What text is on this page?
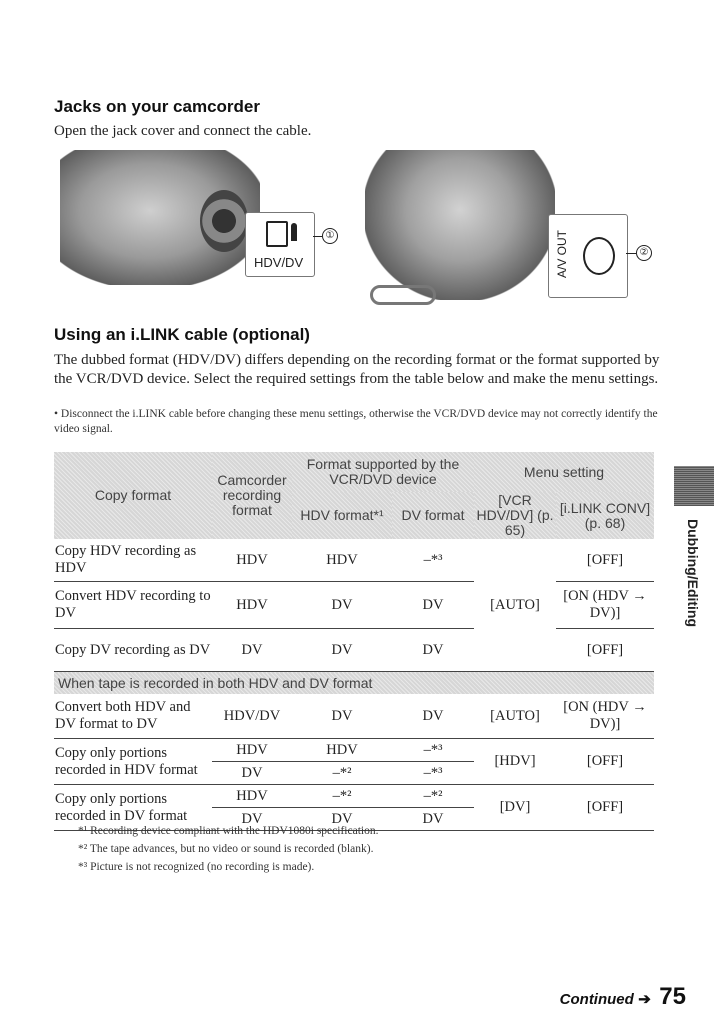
Jacks on your camcorder
Open the jack cover and connect the cable.
HDV/DV
①	A/V OUT	②
Using an i.LINK cable (optional)
The dubbed format (HDV/DV) differs depending on the recording format or the format supported by the VCR/DVD device. Select the required settings from the table below and make the menu settings.
• Disconnect the i.LINK cable before changing these menu settings, otherwise the VCR/DVD device may not correctly identify the video signal.
Copy format	Camcorder recording format	Format supported by the VCR/DVD device		Menu setting	
		HDV format*¹	DV format	[VCR HDV/DV] (p. 65)	[i.LINK CONV] (p. 68)
Copy HDV recording as HDV	HDV	HDV	–*³	[AUTO]	[OFF]
Convert HDV recording to DV	HDV	DV	DV		[ON (HDV → DV)]
Copy DV recording as DV	DV	DV	DV		[OFF]
When tape is recorded in both HDV and DV format					
Convert both HDV and DV format to DV	HDV/DV	DV	DV	[AUTO]	[ON (HDV → DV)]
Copy only portions recorded in HDV format	HDV	HDV	–*³	[HDV]	[OFF]
	DV	–*²	–*³		
Copy only portions recorded in DV format	HDV	–*²	–*²	[DV]	[OFF]
	DV	DV	DV		
*¹ Recording device compliant with the HDV1080i specification.
*² The tape advances, but no video or sound is recorded (blank).
*³ Picture is not recognized (no recording is made).
Dubbing/Editing
Continued ➔ 75
